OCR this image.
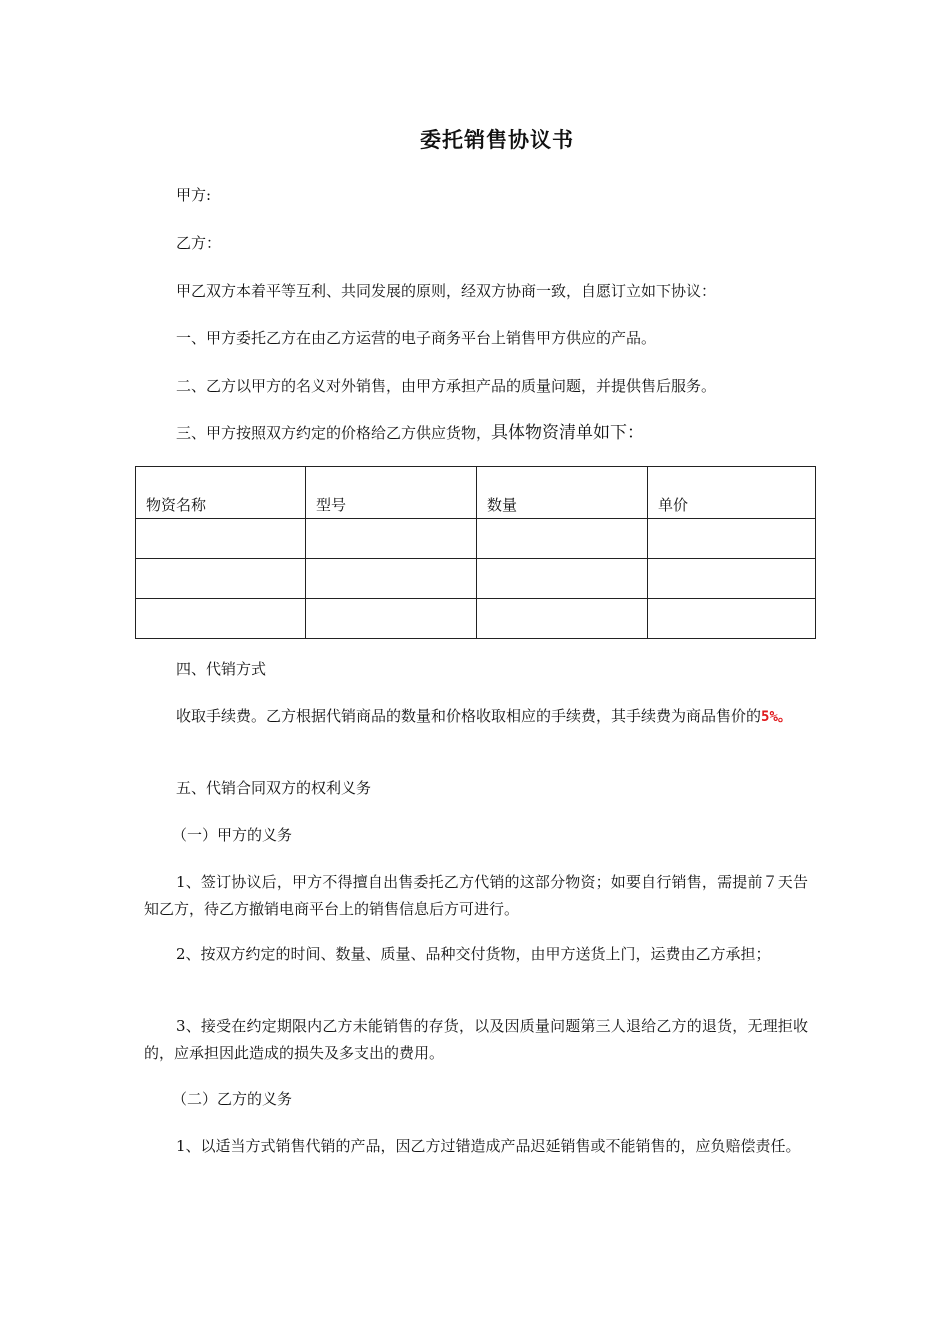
委托销售协议书
甲方:
乙方：
甲乙双方本着平等互利、共同发展的原则，经双方协商一致，自愿订立如下协议：
一、甲方委托乙方在由乙方运营的电子商务平台上销售甲方供应的产品。
二、乙方以甲方的名义对外销售，由甲方承担产品的质量问题，并提供售后服务。
三、甲方按照双方约定的价格给乙方供应货物，具体物资清单如下：
物资名称	型号	数量	单价

四、代销方式
收取手续费。乙方根据代销商品的数量和价格收取相应的手续费，其手续费为商品售价的5%。
五、代销合同双方的权利义务
（一）甲方的义务
1、签订协议后，甲方不得擅自出售委托乙方代销的这部分物资；如要自行销售，需提前７天告知乙方，待乙方撤销电商平台上的销售信息后方可进行。
2、按双方约定的时间、数量、质量、品种交付货物，由甲方送货上门，运费由乙方承担；
3、接受在约定期限内乙方未能销售的存货，以及因质量问题第三人退给乙方的退货，无理拒收的，应承担因此造成的损失及多支出的费用。
（二）乙方的义务
1、以适当方式销售代销的产品，因乙方过错造成产品迟延销售或不能销售的，应负赔偿责任。
